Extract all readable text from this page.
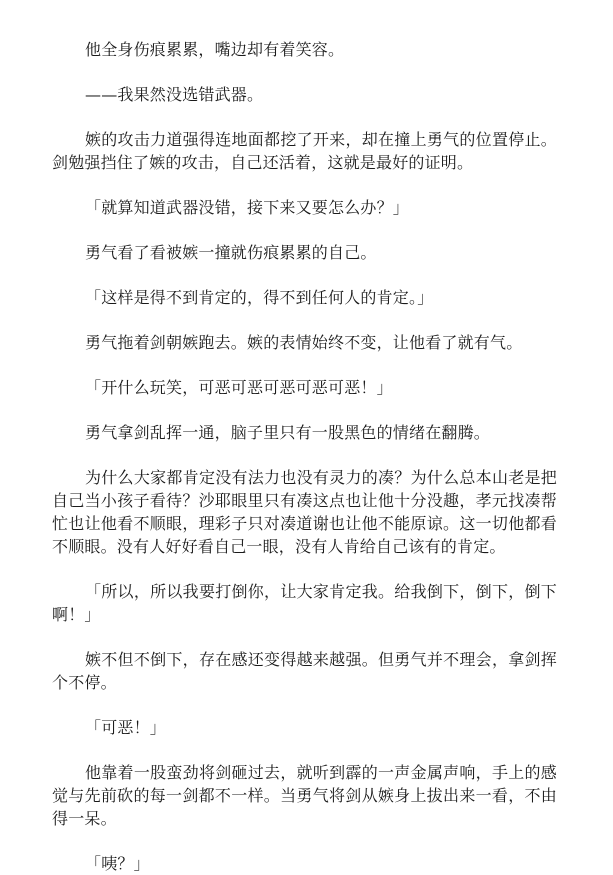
他全身伤痕累累，嘴边却有着笑容。

——我果然没选错武器。

嫉的攻击力道强得连地面都挖了开来，却在撞上勇气的位置停止。剑勉强挡住了嫉的攻击，自己还活着，这就是最好的证明。

「就算知道武器没错，接下来又要怎么办？」

勇气看了看被嫉一撞就伤痕累累的自己。

「这样是得不到肯定的，得不到任何人的肯定。」

勇气拖着剑朝嫉跑去。嫉的表情始终不变，让他看了就有气。

「开什么玩笑，可恶可恶可恶可恶可恶！」

勇气拿剑乱挥一通，脑子里只有一股黑色的情绪在翻腾。

为什么大家都肯定没有法力也没有灵力的凑？为什么总本山老是把自己当小孩子看待？沙耶眼里只有凑这点也让他十分没趣，孝元找凑帮忙也让他看不顺眼，理彩子只对凑道谢也让他不能原谅。这一切他都看不顺眼。没有人好好看自己一眼，没有人肯给自己该有的肯定。

「所以，所以我要打倒你，让大家肯定我。给我倒下，倒下，倒下啊！」

嫉不但不倒下，存在感还变得越来越强。但勇气并不理会，拿剑挥个不停。

「可恶！」

他靠着一股蛮劲将剑砸过去，就听到霹的一声金属声响，手上的感觉与先前砍的每一剑都不一样。当勇气将剑从嫉身上拔出来一看，不由得一呆。

「咦？」
